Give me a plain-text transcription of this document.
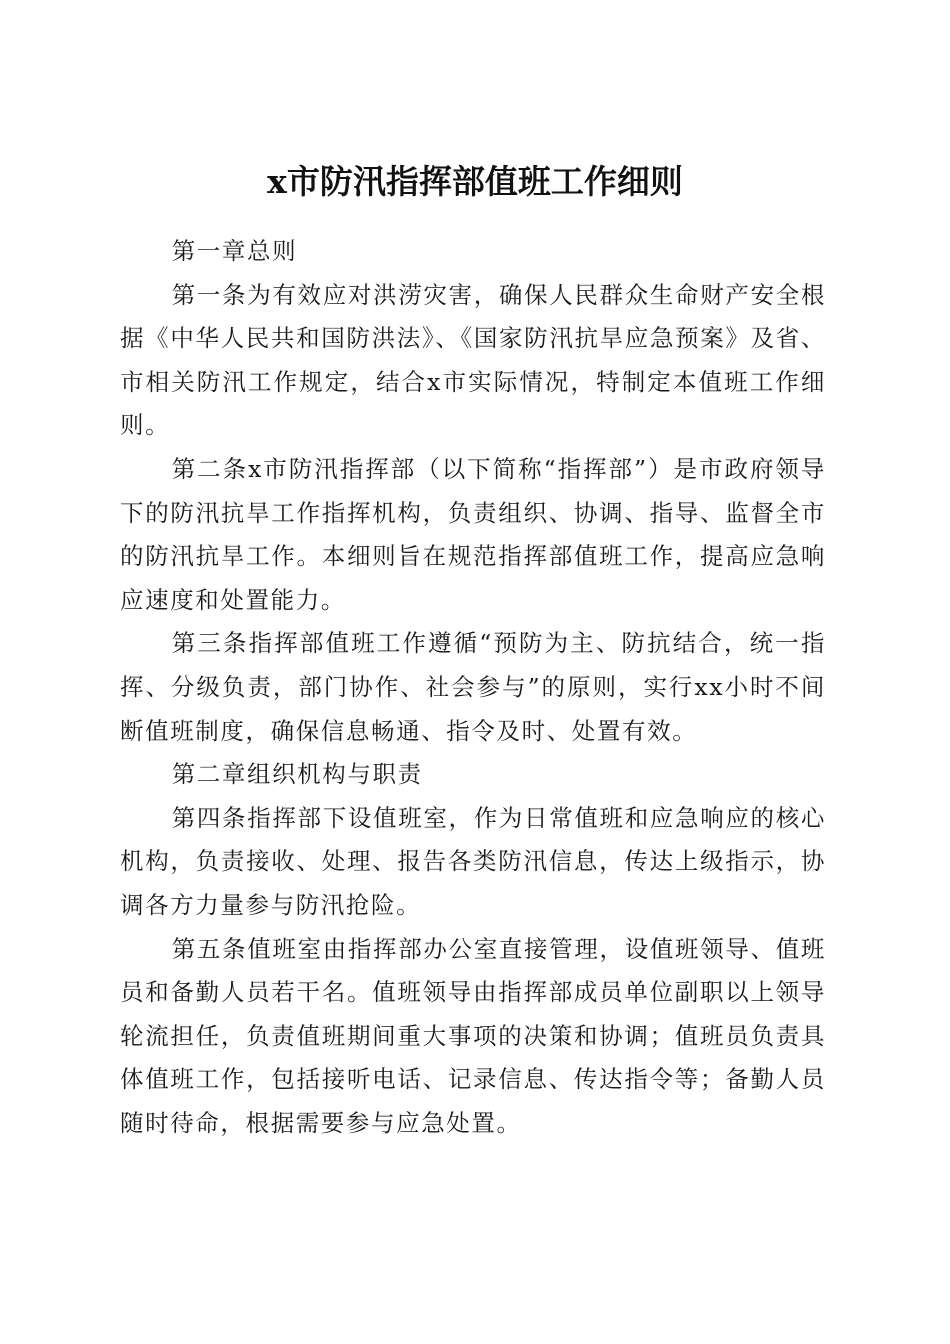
x市防汛指挥部值班工作细则

第一章总则

第一条为有效应对洪涝灾害，确保人民群众生命财产安全根据《中华人民共和国防洪法》、《国家防汛抗旱应急预案》及省、市相关防汛工作规定，结合x市实际情况，特制定本值班工作细则。

第二条x市防汛指挥部（以下简称“指挥部”）是市政府领导下的防汛抗旱工作指挥机构，负责组织、协调、指导、监督全市的防汛抗旱工作。本细则旨在规范指挥部值班工作，提高应急响应速度和处置能力。

第三条指挥部值班工作遵循“预防为主、防抗结合，统一指挥、分级负责，部门协作、社会参与”的原则，实行xx小时不间断值班制度，确保信息畅通、指令及时、处置有效。

第二章组织机构与职责

第四条指挥部下设值班室，作为日常值班和应急响应的核心机构，负责接收、处理、报告各类防汛信息，传达上级指示，协调各方力量参与防汛抢险。

第五条值班室由指挥部办公室直接管理，设值班领导、值班员和备勤人员若干名。值班领导由指挥部成员单位副职以上领导轮流担任，负责值班期间重大事项的决策和协调；值班员负责具体值班工作，包括接听电话、记录信息、传达指令等；备勤人员随时待命，根据需要参与应急处置。
